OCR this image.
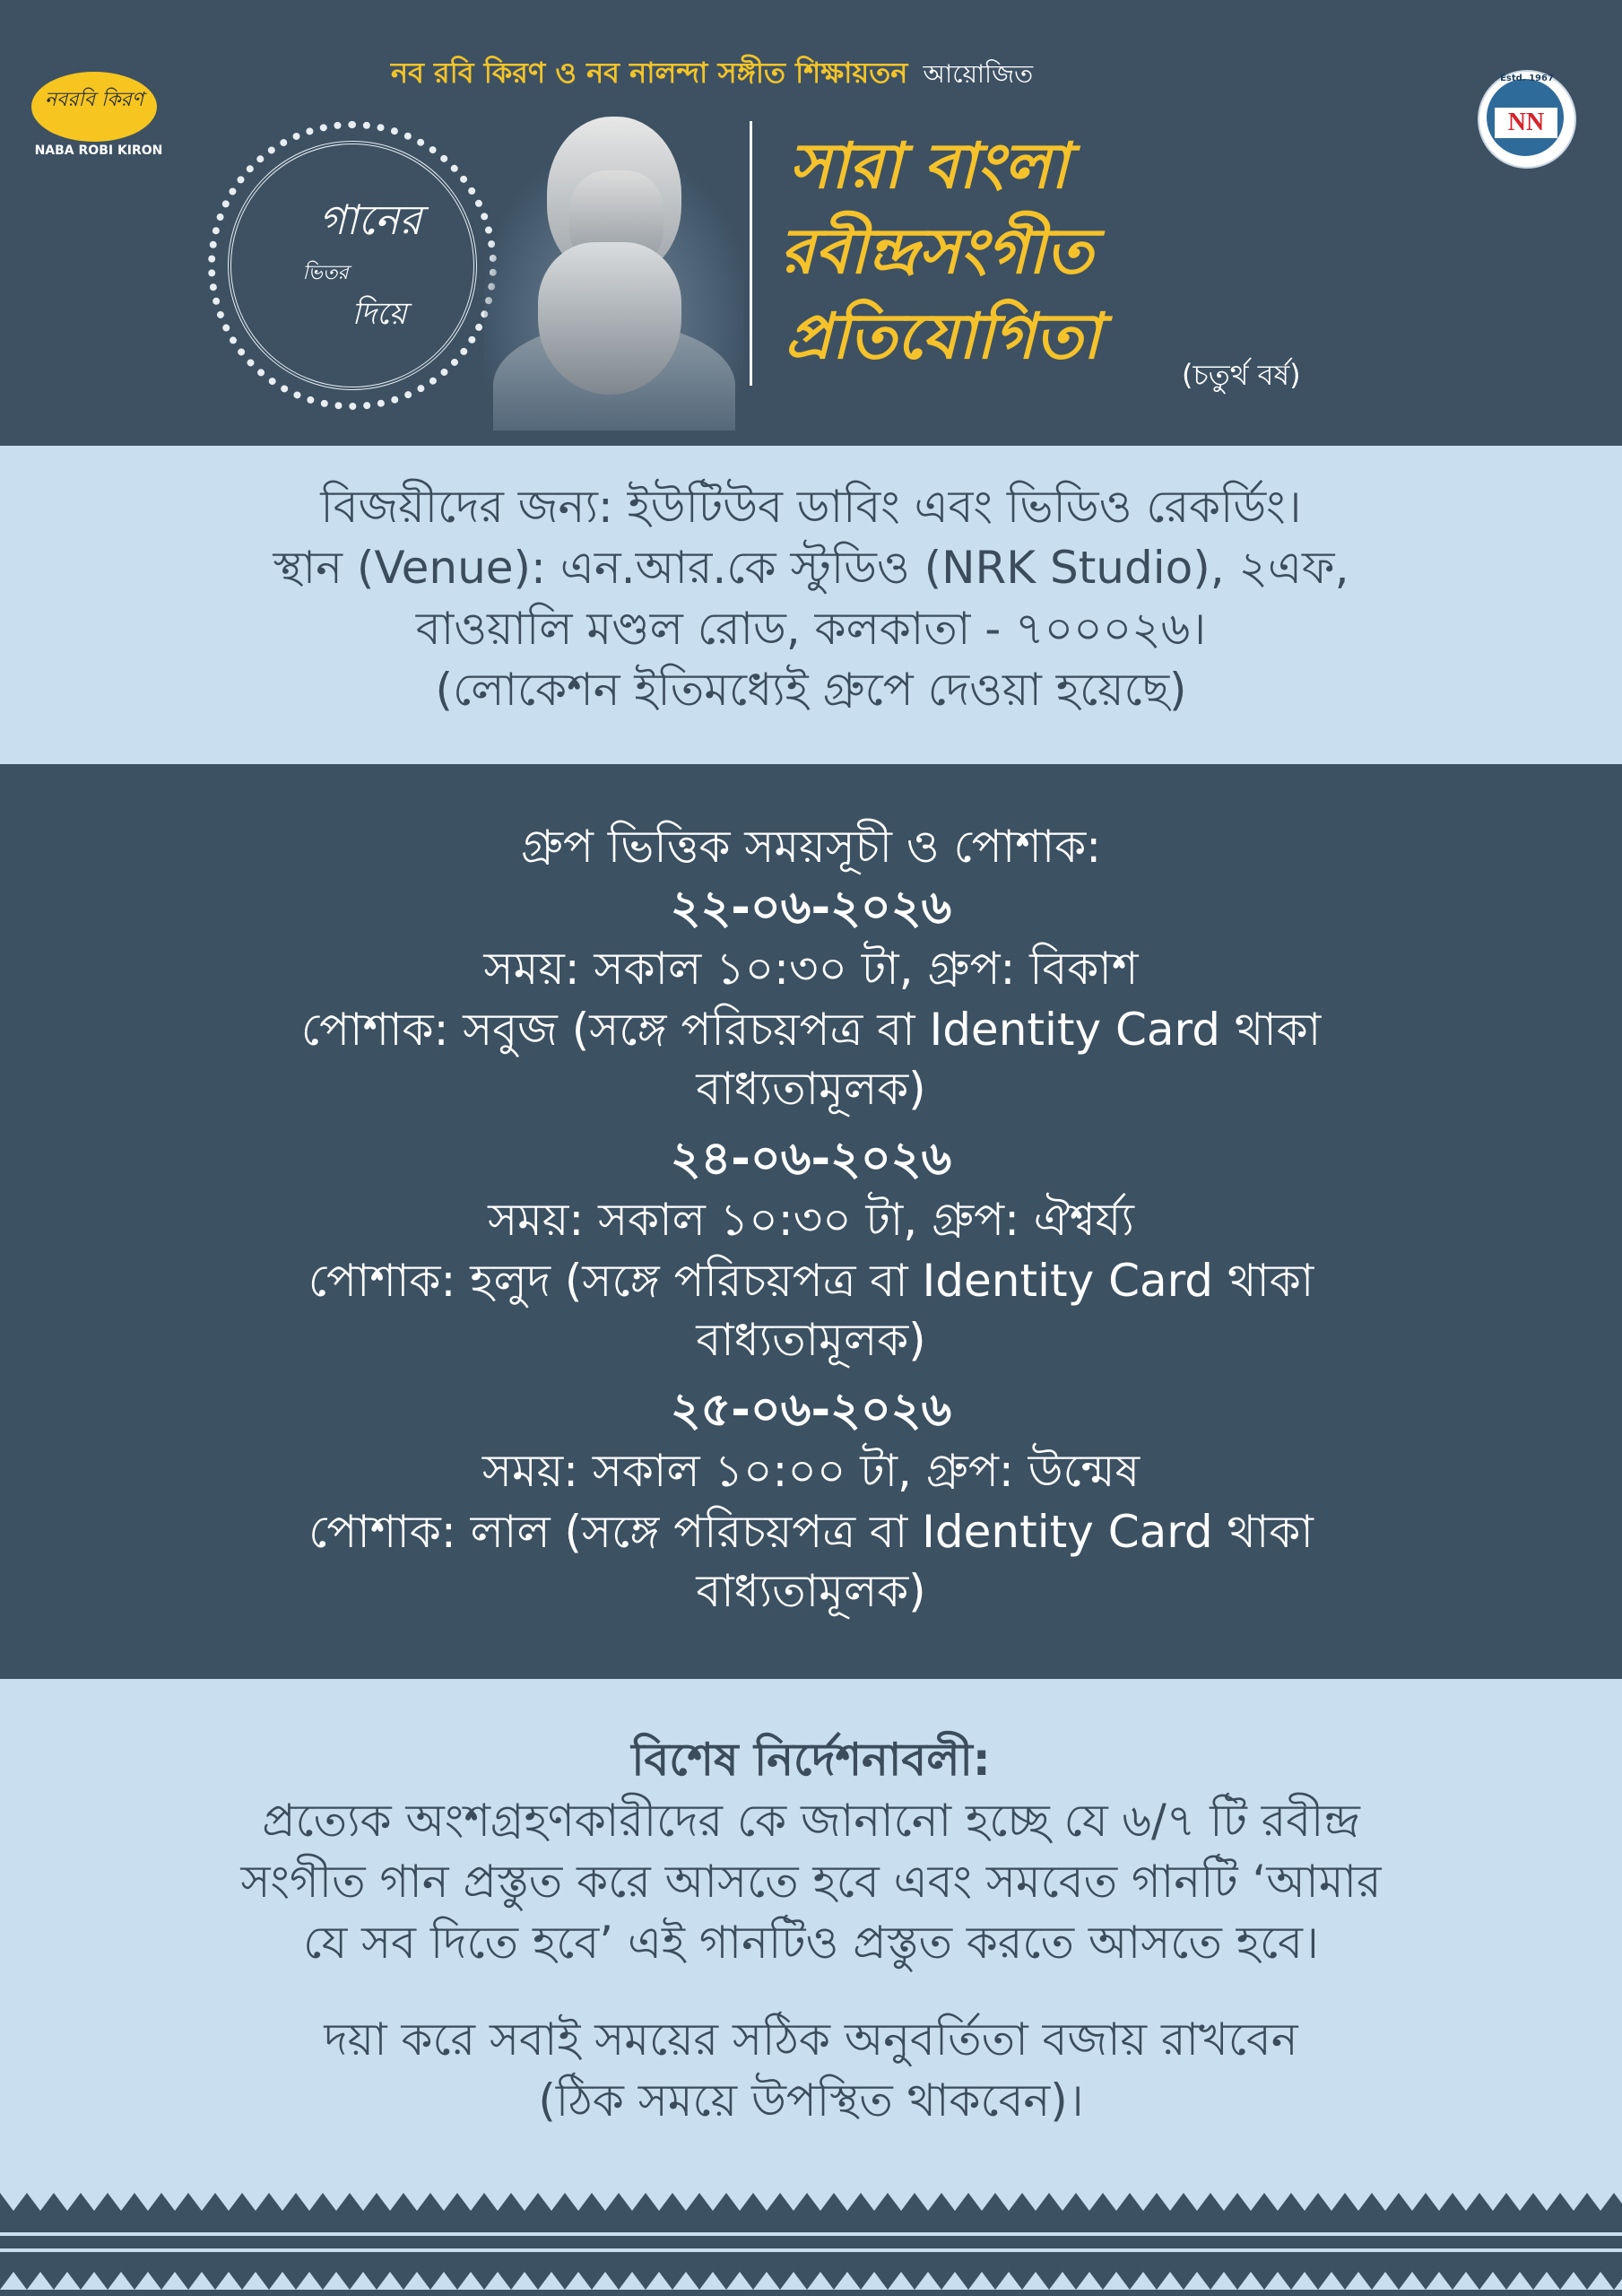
নব রবি কিরণ ও নব নালন্দা সঙ্গীত শিক্ষায়তন আয়োজিত
নবরবি কিরণ
NABA ROBI KIRON
Estd. 1967
NN
গানের
ভিতর
দিয়ে
সারা বাংলা
রবীন্দ্রসংগীত
প্রতিযোগিতা
(চতুর্থ বর্ষ)
বিজয়ীদের জন্য: ইউটিউব ডাবিং এবং ভিডিও রেকর্ডিং।
স্থান (Venue): এন.আর.কে স্টুডিও (NRK Studio), ২এফ,
বাওয়ালি মণ্ডল রোড, কলকাতা - ৭০০০২৬।
(লোকেশন ইতিমধ্যেই গ্রুপে দেওয়া হয়েছে)
গ্রুপ ভিত্তিক সময়সূচী ও পোশাক:
২২-০৬-২০২৬
সময়: সকাল ১০:৩০ টা, গ্রুপ: বিকাশ
পোশাক: সবুজ (সঙ্গে পরিচয়পত্র বা Identity Card থাকা
বাধ্যতামূলক)
২৪-০৬-২০২৬
সময়: সকাল ১০:৩০ টা, গ্রুপ: ঐশ্বর্য্য
পোশাক: হলুদ (সঙ্গে পরিচয়পত্র বা Identity Card থাকা
বাধ্যতামূলক)
২৫-০৬-২০২৬
সময়: সকাল ১০:০০ টা, গ্রুপ: উন্মেষ
পোশাক: লাল (সঙ্গে পরিচয়পত্র বা Identity Card থাকা
বাধ্যতামূলক)
বিশেষ নির্দেশনাবলী:
প্রত্যেক অংশগ্রহণকারীদের কে জানানো হচ্ছে যে ৬/৭ টি রবীন্দ্র
সংগীত গান প্রস্তুত করে আসতে হবে এবং সমবেত গানটি ‘আমার
যে সব দিতে হবে’ এই গানটিও প্রস্তুত করতে আসতে হবে।
দয়া করে সবাই সময়ের সঠিক অনুবর্তিতা বজায় রাখবেন
(ঠিক সময়ে উপস্থিত থাকবেন)।
